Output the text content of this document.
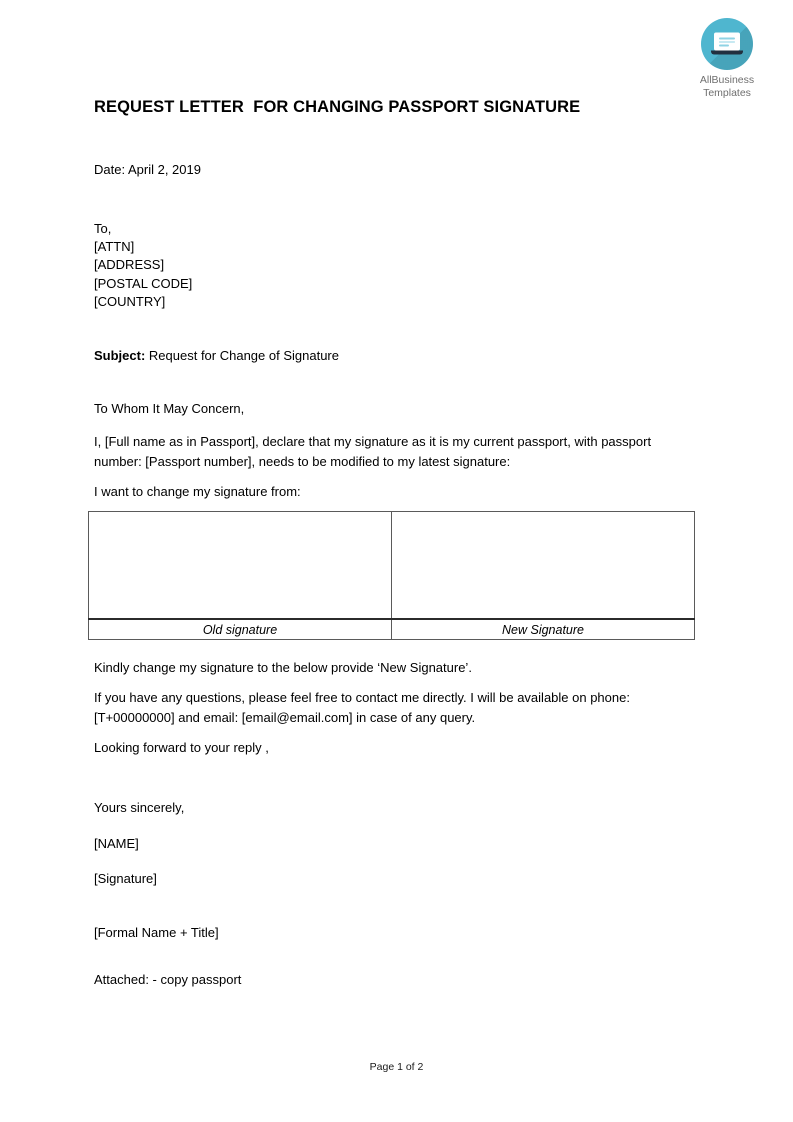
AllBusiness
Templates
REQUEST LETTER  FOR CHANGING PASSPORT SIGNATURE
Date: April 2, 2019
To,
[ATTN]
[ADDRESS]
[POSTAL CODE]
[COUNTRY]
Subject: Request for Change of Signature
To Whom It May Concern,
I, [Full name as in Passport], declare that my signature as it is my current passport, with passport number: [Passport number], needs to be modified to my latest signature:
I want to change my signature from:

Old signature	New Signature
Kindly change my signature to the below provide ‘New Signature’.
If you have any questions, please feel free to contact me directly. I will be available on phone: [T+00000000] and email: [email@email.com] in case of any query.
Looking forward to your reply ,
Yours sincerely,
[NAME]
[Signature]
[Formal Name + Title]
Attached: - copy passport
Page 1 of 2
